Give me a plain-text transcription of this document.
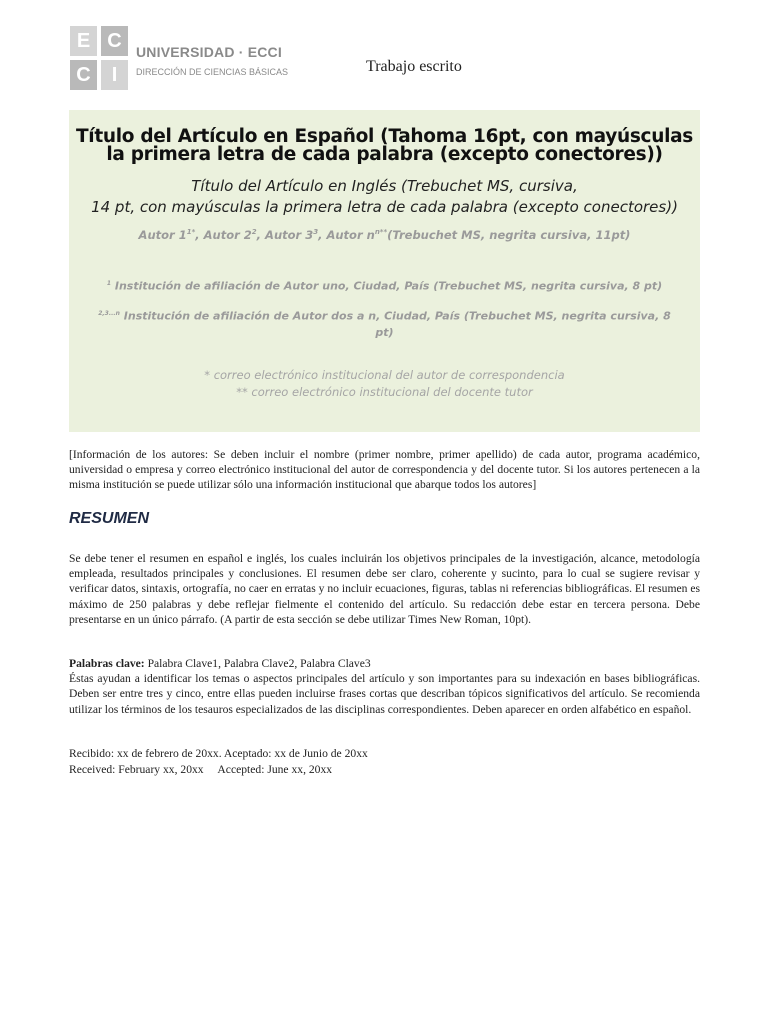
E C
C	I
UNIVERSIDAD · ECCI
DIRECCIÓN DE CIENCIAS BÁSICAS	Trabajo escrito
Título del Artículo en Español (Tahoma 16pt, con mayúsculas la primera letra de cada palabra (excepto conectores))
Título del Artículo en Inglés (Trebuchet MS, cursiva,
14 pt, con mayúsculas la primera letra de cada palabra (excepto conectores))
Autor $1^{1*}$, Autor $2^2$, Autor $3^3$, Autor $n^{n**}(Trebuchet$ MS, negrita cursiva, 11pt)
$^1$ Institución de afiliación de Autor uno, Ciudad, País (Trebuchet MS, negrita cursiva, 8 pt)
$^{2,3...n}$ Institución de afiliación de Autor dos a n, Ciudad, País (Trebuchet MS, negrita cursiva, 8 pt)
* correo electrónico institucional del autor de correspondencia
** correo electrónico institucional del docente tutor
[Información de los autores: Se deben incluir el nombre (primer nombre, primer apellido) de cada autor, programa académico, universidad o empresa y correo electrónico institucional del autor de correspondencia y del docente tutor. Si los autores pertenecen a la misma institución se puede utilizar sólo una información institucional que abarque todos los autores]
RESUMEN
Se debe tener el resumen en español e inglés, los cuales incluirán los objetivos principales de la investigación, alcance, metodología empleada, resultados principales y conclusiones. El resumen debe ser claro, coherente y sucinto, para lo cual se sugiere revisar y verificar datos, sintaxis, ortografía, no caer en erratas y no incluir ecuaciones, figuras, tablas ni referencias bibliográficas. El resumen es máximo de 250 palabras y debe reflejar fielmente el contenido del artículo. Su redacción debe estar en tercera persona. Debe presentarse en un único párrafo. (A partir de esta sección se debe utilizar Times New Roman, 10pt).
Palabras clave: Palabra Clave1, Palabra Clave2, Palabra Clave3
Éstas ayudan a identificar los temas o aspectos principales del artículo y son importantes para su indexación en bases bibliográficas. Deben ser entre tres y cinco, entre ellas pueden incluirse frases cortas que describan tópicos significativos del artículo. Se recomienda utilizar los términos de los tesauros especializados de las disciplinas correspondientes. Deben aparecer en orden alfabético en español.
Recibido: xx de febrero de 20xx. Aceptado: xx de Junio de 20xx
Received: February xx, 20xx     Accepted: June xx, 20xx
